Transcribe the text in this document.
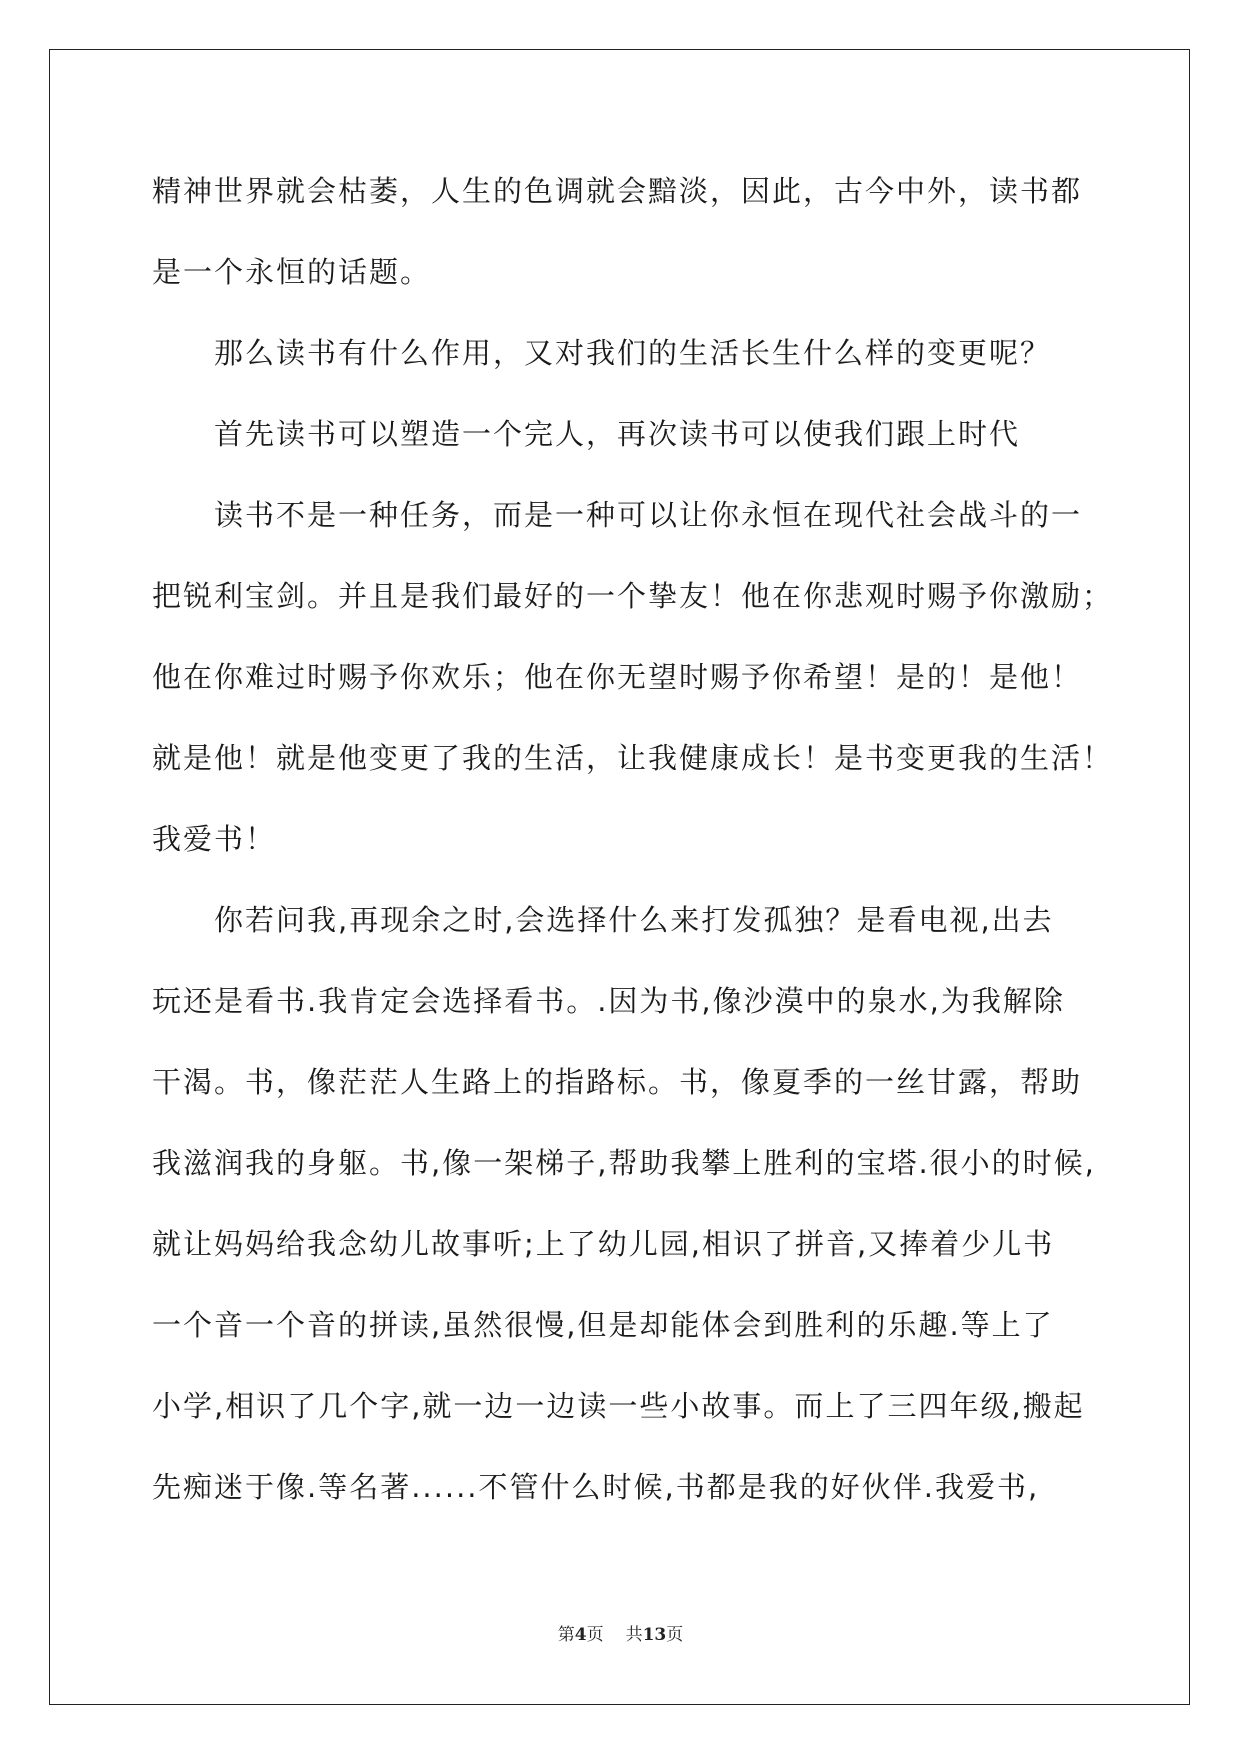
精神世界就会枯萎，人生的色调就会黯淡，因此，古今中外，读书都
是一个永恒的话题。
那么读书有什么作用，又对我们的生活长生什么样的变更呢？
首先读书可以塑造一个完人，再次读书可以使我们跟上时代
读书不是一种任务，而是一种可以让你永恒在现代社会战斗的一
把锐利宝剑。并且是我们最好的一个挚友！他在你悲观时赐予你激励；
他在你难过时赐予你欢乐；他在你无望时赐予你希望！是的！是他！
就是他！就是他变更了我的生活，让我健康成长！是书变更我的生活！
我爱书！
你若问我,再现余之时,会选择什么来打发孤独？是看电视,出去
玩还是看书.我肯定会选择看书。.因为书,像沙漠中的泉水,为我解除
干渴。书，像茫茫人生路上的指路标。书，像夏季的一丝甘露，帮助
我滋润我的身躯。书,像一架梯子,帮助我攀上胜利的宝塔.很小的时候,
就让妈妈给我念幼儿故事听;上了幼儿园,相识了拼音,又捧着少儿书
一个音一个音的拼读,虽然很慢,但是却能体会到胜利的乐趣.等上了
小学,相识了几个字,就一边一边读一些小故事。而上了三四年级,搬起
先痴迷于像.等名著......不管什么时候,书都是我的好伙伴.我爱书,
第4页 共13页
